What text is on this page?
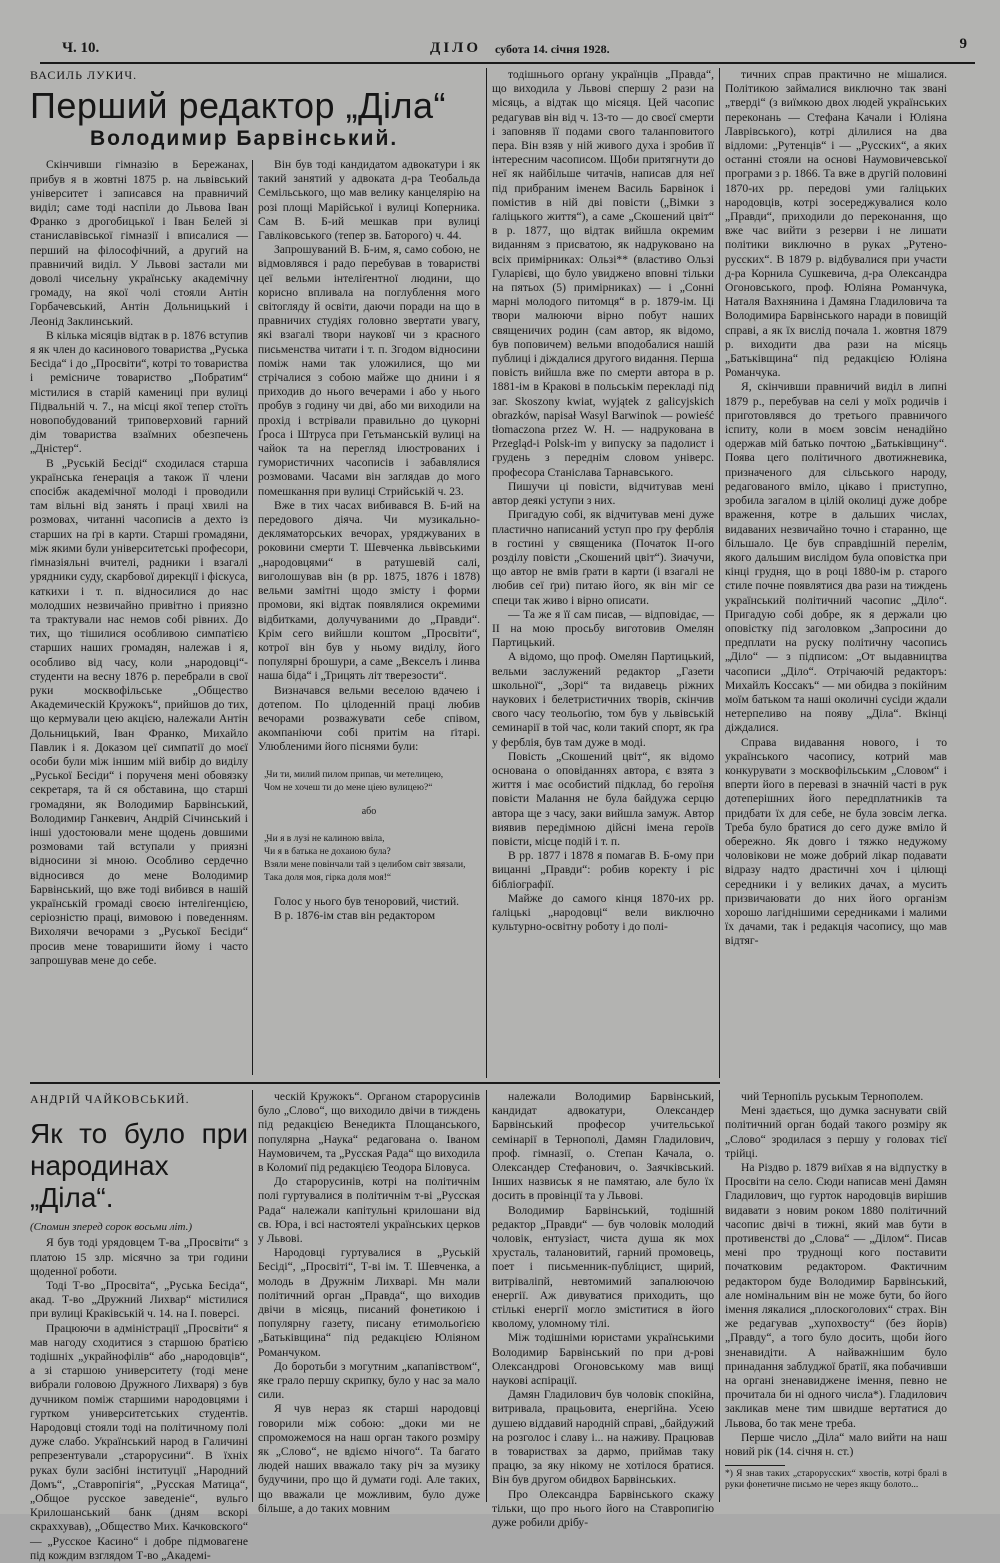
Ч. 10.	ДІЛО субота 14. січня 1928.	9
ВАСИЛЬ ЛУКИЧ.
Перший редактор „Діла“
Володимир Барвінський.

Скінчивши гімназію в Бережанах, прибув я в жовтні 1875 р. на львівський університет і записався на правничий виділ; саме тоді наспіли до Львова Іван Франко з дрогобицької і Іван Белей зі станиславівської гімназії і вписалися — перший на філософічний, а другий на правничий виділ. У Львові застали ми доволі чисельну українську академічну громаду, на якої чолі стояли Антін Горбачевський, Антін Дольницький і Леонід Заклинський.

В кілька місяців відтак в р. 1876 вступив я як член до касинового товариства „Руська Бесіда“ і до „Просвіти“, котрі то товариства і ремісниче товариство „Побратим“ містилися в старій камениці при вулиці Підвальній ч. 7., на місці якої тепер стоїть новопобудований триповерховий гарний дім товариства взаїмних обезпечень „Дністер“.

В „Руській Бесіді“ сходилася старша українська ґенерація а також її члени спосібж академічної молоді і проводили там вільні від занять і праці хвилі на розмовах, читанні часописів а дехто із старших на ґрі в карти. Старші громадяни, між якими були університетські професори, ґімназіяльні вчителі, радники і взагалі урядники суду, скарбової дирекції і фіскуса, каткихи і т. п. відносилися до нас молодших незвичайно привітно і приязно та трактували нас немов собі рівних. До тих, що тішилися особливою симпатією старших наших громадян, належав і я, особливо від часу, коли „народовці“-студенти на весну 1876 р. перебрали в свої руки москвофільське „Общество Академическій Кружокъ“, прийшов до тих, що кермували цею акцією, належали Антін Дольницький, Іван Франко, Михайло Павлик і я. Доказом цеї симпатії до моєї особи були між іншим мій вибір до виділу „Руської Бесіди“ і порученя мені обовязку секретаря, та й ся обставина, що старші громадяни, як Володимир Барвінський, Володимир Ганкевич, Андрій Січинський і інші удостоювали мене щодень довшими розмовами тай вступали у приязні відносини зі мною. Особливо сердечно відносився до мене Володимир Барвінський, що вже тоді вибився в нашій українській громаді своєю інтеліґенцією, серіозністю праці, вимовою і поведенням. Вихолячи вечорами з „Руської Бесіди“ просив мене товаришити йому і часто запрошував мене до себе.

Він був тоді кандидатом адвокатури і як такий занятий у адвоката д-ра Теобальда Семільського, що мав велику канцелярію на розі площі Марійської і вулиці Коперника. Сам В. Б-ий мешкав при вулиці Гавліковського (тепер зв. Баторого) ч. 44.

Запрошуваний В. Б-им, я, само собою, не відмовлявся і радо перебував в товаристві цеї вельми інтеліґентної людини, що корисно впливала на поглублення мого світогляду й освіти, даючи поради на що в правничих студіях головно звертати увагу, які взагалі твори науковї чи з красного письменства читати і т. п. Згодом відносини поміж нами так уложилися, що ми стрічалися з собою майже що днини і я приходив до нього вечерами і або у нього пробув з годину чи дві, або ми виходили на прохід і встрівали правильно до цукорні Ґроса і Штруса при Гетьманській вулиці на чайок та на перегляд ілюстрованих і гумористичних часописів і забавлялися розмовами. Часами він заглядав до мого помешкання при вулиці Стрийській ч. 23.

Вже в тих часах вибивався В. Б-ий на передового діяча. Чи музикально-декляматорських вечорах, уряджуваних в роковини смерти Т. Шевченка львівськими „народовцями“ в ратушевій салі, виголошував він (в рр. 1875, 1876 і 1878) вельми замітні щодо змісту і форми промови, які відтак появлялися окремими відбитками, долучуваними до „Правди“. Крім сего вийшли коштом „Просвіти“, котрої він був у ньому виділу, його популярні брошури, а саме „Векселъ і линва наша біда“ і „Трицять літ тверезости“.

Визначався вельми веселою вдачею і дотепом. По цілоденній праці любив вечорами розважувати себе співом, акомпаніючи собі притім на ґітарі. Улюбленими його піснями були:

„Чи ти, милий пилом припав, чи метелицею,
Чом не хочеш ти до мене ціею вулицею?“
або
„Чи я в лузі не калиною ввіла,
Чи я в батька не дохаиою була?
Взяли мене повінчали тай з целибом світ звязали,
Така доля моя, гірка доля моя!“

Голос у нього був теноровий, чистий.

В р. 1876-ім став він редактором

тодішнього орґану українців „Правда“, що виходила у Львові спершу 2 рази на місяць, а відтак що місяця. Цей часопис редагував він від ч. 13-то — до своєї смерти і заповняв її подами свого таланповитого пера. Він взяв у ній живого духа і зробив її інтересним часописом. Щоби притягнути до неї як найбільше читачів, написав для неї під прибраним іменем Василь Барвінок і помістив в ній дві повісти („Вімки з ґаліцького життя“), а саме „Скошений цвіт“ в р. 1877, що відтак вийшла окремим виданням з присватою, як надруковано на всіх примірниках: Ользі** (властиво Ользі Гуларієві, що було увиджено вповні тільки на пятьох (5) примірниках) — і „Сонні марні молодого питомця“ в р. 1879-ім. Ці твори малюючи вірно побут наших священичих родин (сам автор, як відомо, був поповичем) вельми вподобалися нашій публиці і діждалися другого видання. Перша повість вийшла вже по смерти автора в р. 1881-ім в Кракові в польськім перекладі під заг. Skoszony kwiat, wyjątek z galicyjskich obrazków, napisał Wasyl Barwinok — powieść tłomaczona przez W. H. — надрукована в Przegląd-i Polsk-im у випуску за падолист і грудень з переднім словом універс. професора Станіслава Тарнавського.

Пишучи ці повісти, відчитував мені автор деякі уступи з них.

Пригадую собі, як відчитував мені дуже пластично написаний уступ про ґру ферблія в гостині у священика (Початок II-ого розділу повісти „Скошений цвіт“). Зиачучи, що автор не вмів ґрати в карти (і взагалі не любив сеї ґри) питаю його, як він міг се специ так живо і вірно описати.

— Та же я її сам писав, — відповідає, — II на мою просьбу виготовив Омелян Партицький.

А відомо, що проф. Омелян Партицький, вельми заслужений редактор „Газети школьної“, „Зорі“ та видавець ріжних наукових і белетристичних творів, скінчив свого часу теольоґію, том був у львівській семинарії в той час, коли такий спорт, як ґра у ферблія, був там дуже в моді.

Повість „Скошений цвіт“, як відомо основана о оповіданнях автора, є взята з життя і має особистий підклад, бо героїня повісти Малання не була байдужа серцю автора ще з часу, заки вийшла замуж. Автор виявив передімною дійсні імена героїв повісти, місце подій і т. п.

В рр. 1877 і 1878 я помагав В. Б-ому при вицанні „Правди“: робив коректу і ріс бібліографії.

Майже до самого кінця 1870-их рр. ґаліцькі „народовці“ вели виключно культурно-освітну роботу і до полі-

тичних справ практично не мішалися. Політикою займалися виключно так звані „тверді“ (з виїмкою двох людей українських переконань — Стефана Качали і Юліяна Лаврівського), котрі ділилися на два відломи: „Рутенців“ і — „Русских“, а яких останні стояли на основі Наумовичевської програми з р. 1866. Та вже в другій половині 1870-их рр. передові уми ґаліцьких народовців, котрі зосереджувалися коло „Правди“, приходили до переконання, що вже час вийти з резерви і не лишати політики виключно в руках „Рутено-русских“. В 1879 р. відбувалися при участи д-ра Корнила Сушкевича, д-ра Олександра Огоновського, проф. Юліяна Романчука, Наталя Вахнянина і Дамяна Гладиловича та Володимира Барвінського наради в повищій справі, а як їх вислід почала 1. жовтня 1879 р. виходити два рази на місяць „Батьківщина“ під редакцією Юліяна Романчука.

Я, скінчивши правничий виділ в липні 1879 р., перебував на селі у моїх родичів і приготовлявся до третього правничого іспиту, коли в моєм зовсім ненадійно одержав мій батько почтою „Батьківщину“. Поява цего політичного двотижневика, призначеного для сільського народу, редагованого вміло, цікаво і приступно, зробила загалом в цілій околиці дуже добре враження, котре в дальших числах, видаваних незвичайно точно і старанно, ще більшало. Це був справдішній перелім, якого дальшим вислідом була оповістка при кінці грудня, що в році 1880-ім р. старого стиле почне появлятися два рази на тиждень український політичний часопис „Діло“. Пригадую собі добре, як я держали цю оповістку під заголовком „Запросини до предплати на руску політичну часопись „Діло“ — з підписом: „От выдавництва часописи „Діло“. Отрічаючій редакторъ: Михайлъ Коссакъ“ — ми обидва з покійним моїм батьком та нашi околичні сусіди ждали нетерпеливо на появу „Діла“. Вкінці діждалися.

Справа видавання нового, і то українського часопису, котрий мав конкурувати з москвофільським „Словом“ і вперти його в перевазі в значній часті в рук дотеперішних його передплатників та придбати їх для себе, не була зовсім легка. Треба було братися до сего дуже вміло й обережно. Як довго і тяжко недужому чоловікови не може добрий лікар подавати відразу надто драстичні хоч і цілющі середники і у великих дачах, а мусить призвичаювати до них його організм хорошо лагіднішими середниками і малими їх дачами, так і редакція часопису, що мав відтяг-

АНДРІЙ ЧАЙКОВСЬКИЙ.
Як то було при народинах „Діла“.
(Спомин зперед сорок восьми літ.)

Я був тоді урядовцем Т-ва „Просвіти“ з платою 15 злр. місячно за три години щоденної роботи.

Тоді Т-во „Просвіта“, „Руська Бесіда“, акад. Т-во „Дружний Лихвар“ містилися при вулиці Краківській ч. 14. на І. поверсі.

Працюючи в адміністрації „Просвіти“ я мав нагоду сходитися з старшою братією тодішніх „украйнофілів“ або „народовців“, а зі старшою университету (тоді мене вибрали головою Дружного Лихваря) з був дучником поміж старшими народовцями і гуртком университетських студентів. Народовці стояли тоді на політичному полі дуже слабо. Український народ в Галичині репрезентували „старорусини“. В їхніх руках були засібні інституції „Народний Домъ“, „Ставропігія“, „Русская Матица“, „Общое русское заведеніе“, вульго Крилошанський банк (дням вскорі скраххував), „Общество Мих. Качковского“ — „Русское Касино“ і добре підмовагене під кождим взглядом Т-во „Академі-

ческій Кружокъ“. Органом старорусинів було „Слово“, що виходило двічи в тиждень під редакцією Венедикта Площанського, популярна „Наука“ редагована о. Іваном Наумовичем, та „Русская Рада“ що виходила в Коломиї під редакцією Теодора Біловуса.

До старорусинів, котрі на політичнім полі гуртувалися в політичнім т-ві „Русская Рада“ належали капітульні крилошани від св. Юра, і всі настоятелі українських церков у Львові.

Народовці гуртувалися в „Руській Бесіді“, „Просвіті“, Т-ві ім. Т. Шевченка, а молодь в Дружнім Лихварі. Мн мали політичний орган „Правда“, що виходив двічи в місяць, писаний фонетикою і популярну газету, писану етимольоґією „Батьківщина“ під редакцією Юліяном Романчуком.

До боротьби з могутним „капапівством“, яке грало першу скрипку, було у нас за мало сили.

Я чув нераз як старші народовці говорили між собою: „доки ми не спроможемося на наш орган такого розміру як „Слово“, не вдіємо нічого“. Та багато людей наших вважало таку річ за музику будучини, про що й думати годі. Але таких, що вважали це можливим, було дуже більше, а до таких мовним

належали Володимир Барвінський, кандидат адвокатури, Олександер Барвінський професор учительської семінарії в Тернополі, Дамян Гладилович, проф. гімназії, о. Степан Качала, о. Олександер Стефанович, о. Заячківський. Інших назвиськ я не памятаю, але було їх досить в провінції та у Львові.

Володимир Барвінський, тодішній редактор „Правди“ — був чоловік молодий чоловік, ентузіаст, чиста душа як мох хрусталь, талановитий, гарний промовець, поет і письменник-публіцист, щирий, витріваліпй, невтомимий запалюючою енергії. Аж дивуватися приходить, що стількі енергії могло зміститися в його кволому, уломному тілі.

Між тодішніми юристами українськими Володимир Барвінський по при д-рові Олександрові Огоновському мав вищі наукові аспірації.

Дамян Гладилович був чоловік спокійна, витривала, працьовита, енергійна. Усею душею віддавий народній справі, „байдужий на розголос і славу і... на наживу. Працював в товариствах за дармо, приймав таку працю, за яку нікому не хотілося братися. Він був другом обидвох Барвінських.

Про Олександра Барвінського скажу тільки, що про нього його на Ставропигію дуже робили дрібу-

чий Тернопіль руськым Тернополем.

Мені здається, що думка заснувати свій політичний орган бодай такого розміру як „Слово“ зродилася з першу у головах тієї трійці.

На Різдво р. 1879 виїхав я на відпустку в Просвіти на село. Сюди написав мені Дамян Гладилович, що гурток народовців вирішив видавати з новим роком 1880 політичний часопис двічі в тижні, який мав бути в противенстві до „Слова“ — „Ділом“. Писав мені про труднощі кого поставити початковим редактором. Фактичним редактором буде Володимир Барвінський, але номінальним він не може бути, бо його імення лякалися „плоскоголових“ страх. Він же редагував „хупохвосту“ (без йорів) „Правду“, а того було досить, щоби його зненавидіти. А найважнішим було принадання заблуджої братії, яка побачивши на органі зненавиджене імення, певно не прочитала би ні одного числа*). Гладилович закликав мене тим швидше вертатися до Львова, бо так мене треба.

Перше число „Діла“ мало вийти на наш новий рік (14. січня н. ст.)

*) Я знав таких „старорусских“ хвостів, котрі бралі в руки фонетичне письмо не через якщу болото...
